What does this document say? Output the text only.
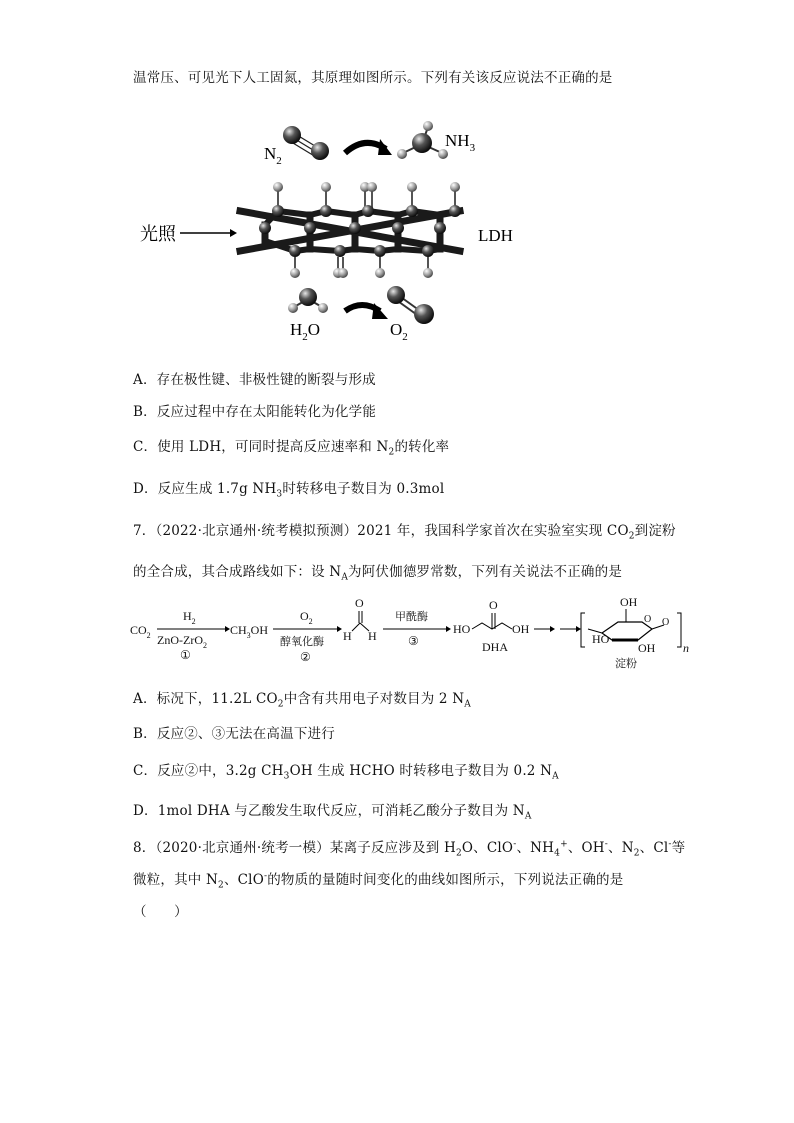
温常压、可见光下人工固氮，其原理如图所示。下列有关该反应说法不正确的是
$N_2$
$NH_3$
光照	LDH
$H_2O$	$O_2$
A．存在极性键、非极性键的断裂与形成
B．反应过程中存在太阳能转化为化学能
C．使用 LDH，可同时提高反应速率和 $N_2$的转化率
D．反应生成 1.7g $NH_3$时转移电子数目为 0.3mol
7．（2022·北京通州·统考模拟预测）2021 年，我国科学家首次在实验室实现 $CO_2$到淀粉
的全合成，其合成路线如下：设 $N_A$为阿伏伽德罗常数，下列有关说法不正确的是
$CO_2$
$H_2$
ZnO-ZrO$_2$
①
$CH_3OH$
$O_2$
醇氧化酶
②
O
H H
甲酰酶
③
HO
O
OH
DHA
OH
HO
OH
O O
n
淀粉
A．标况下，11.2L $CO_2$中含有共用电子对数目为 2 $N_A$
B．反应②、③无法在高温下进行
C．反应②中，3.2g $CH_3OH$ 生成 HCHO 时转移电子数目为 0.2 $N_A$
D．1mol DHA 与乙酸发生取代反应，可消耗乙酸分子数目为 $N_A$
8．（2020·北京通州·统考一模）某离子反应涉及到 $H_2O$、ClO-、$NH_4^+$、OH-、$N_2$、Cl-等
微粒，其中 $N_2$、ClO-的物质的量随时间变化的曲线如图所示，下列说法正确的是
（　　）
